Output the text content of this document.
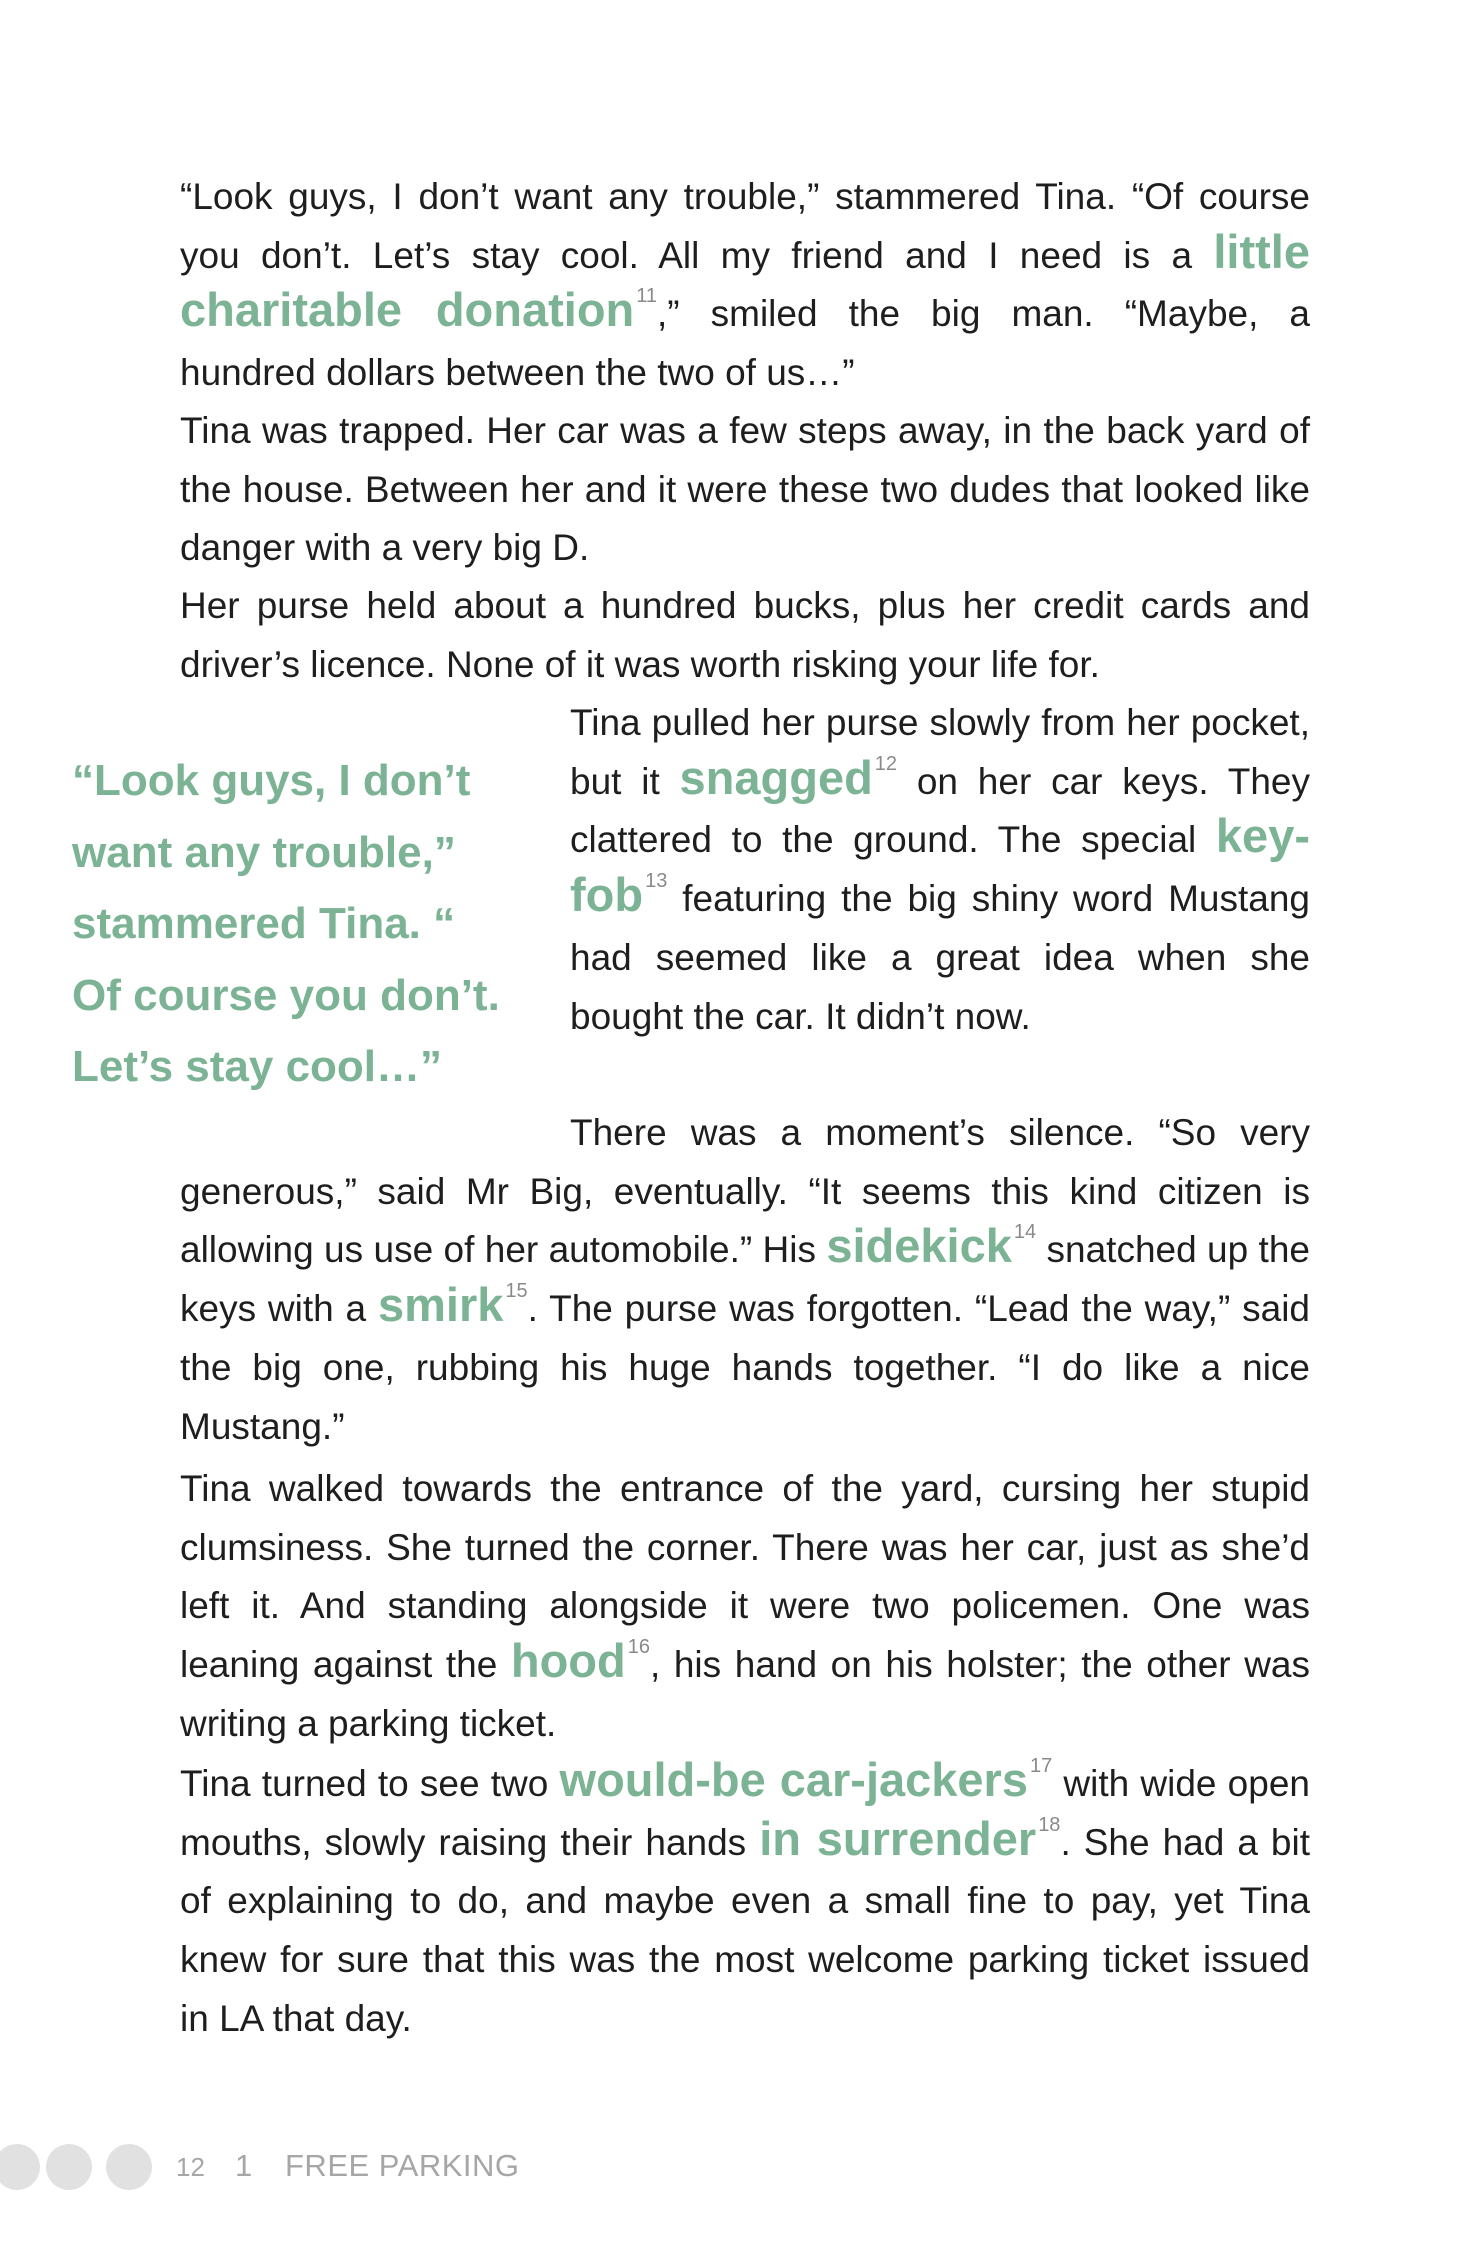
“Look guys, I don’t want any trouble,” stammered Tina. “Of course you don’t. Let’s stay cool. All my friend and I need is a little charitable donation $^{11}$,” smiled the big man. “Maybe, a hundred dollars between the two of us…”

Tina was trapped. Her car was a few steps away, in the back yard of the house. Between her and it were these two dudes that looked like danger with a very big D.

Her purse held about a hundred bucks, plus her credit cards and driver’s licence. None of it was worth risking your life for.

“Look guys, I don’t
want any trouble,”
stammered Tina. “
Of course you don’t.
Let’s stay cool…”

Tina pulled her purse slowly from her pocket, but it snagged $^{12}$ on her car keys. They clattered to the ground. The special key-fob $^{13}$ featuring the big shiny word Mustang had seemed like a great idea when she bought the car. It didn’t now.

There was a moment’s silence. “So very generous,” said Mr Big, eventually. “It seems this kind citizen is allowing us use of her automobile.” His sidekick $^{14}$ snatched up the keys with a smirk $^{15}$. The purse was forgotten. “Lead the way,” said the big one, rubbing his huge hands together. “I do like a nice Mustang.”

Tina walked towards the entrance of the yard, cursing her stupid clumsiness. She turned the corner. There was her car, just as she’d left it. And standing alongside it were two policemen. One was leaning against the hood $^{16}$, his hand on his holster; the other was writing a parking ticket.

Tina turned to see two would-be car-jackers $^{17}$ with wide open mouths, slowly raising their hands in surrender $^{18}$. She had a bit of explaining to do, and maybe even a small fine to pay, yet Tina knew for sure that this was the most welcome parking ticket issued in LA that day.

12 1 FREE PARKING
